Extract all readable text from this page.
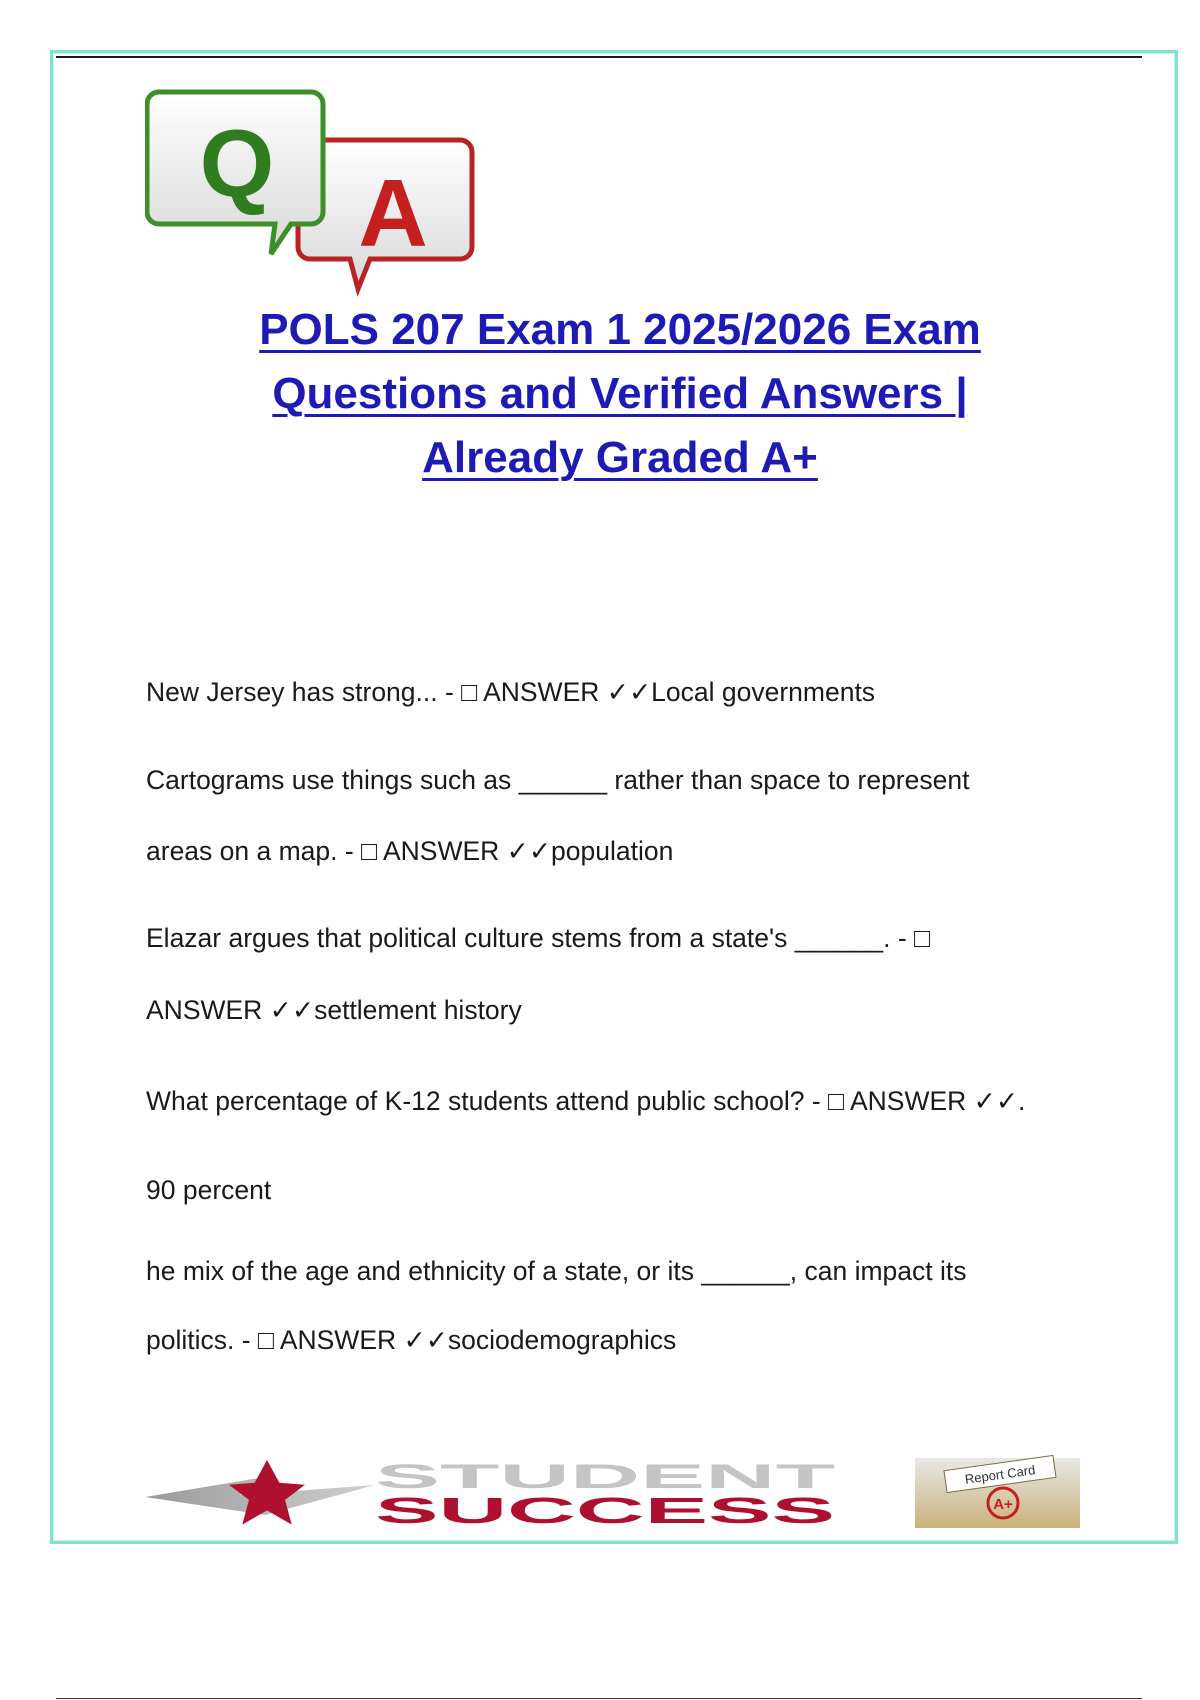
A
Q
POLS 207 Exam 1 2025/2026 Exam
Questions and Verified Answers |
Already Graded A+
New Jersey has strong... - □ ANSWER ✓✓Local governments
Cartograms use things such as ______ rather than space to represent
areas on a map. - □ ANSWER ✓✓population
Elazar argues that political culture stems from a state's ______. - □
ANSWER ✓✓settlement history
What percentage of K-12 students attend public school? - □ ANSWER ✓✓.
90 percent
he mix of the age and ethnicity of a state, or its ______, can impact its
politics. - □ ANSWER ✓✓sociodemographics
STUDENT
SUCCESS
Report Card
A+
